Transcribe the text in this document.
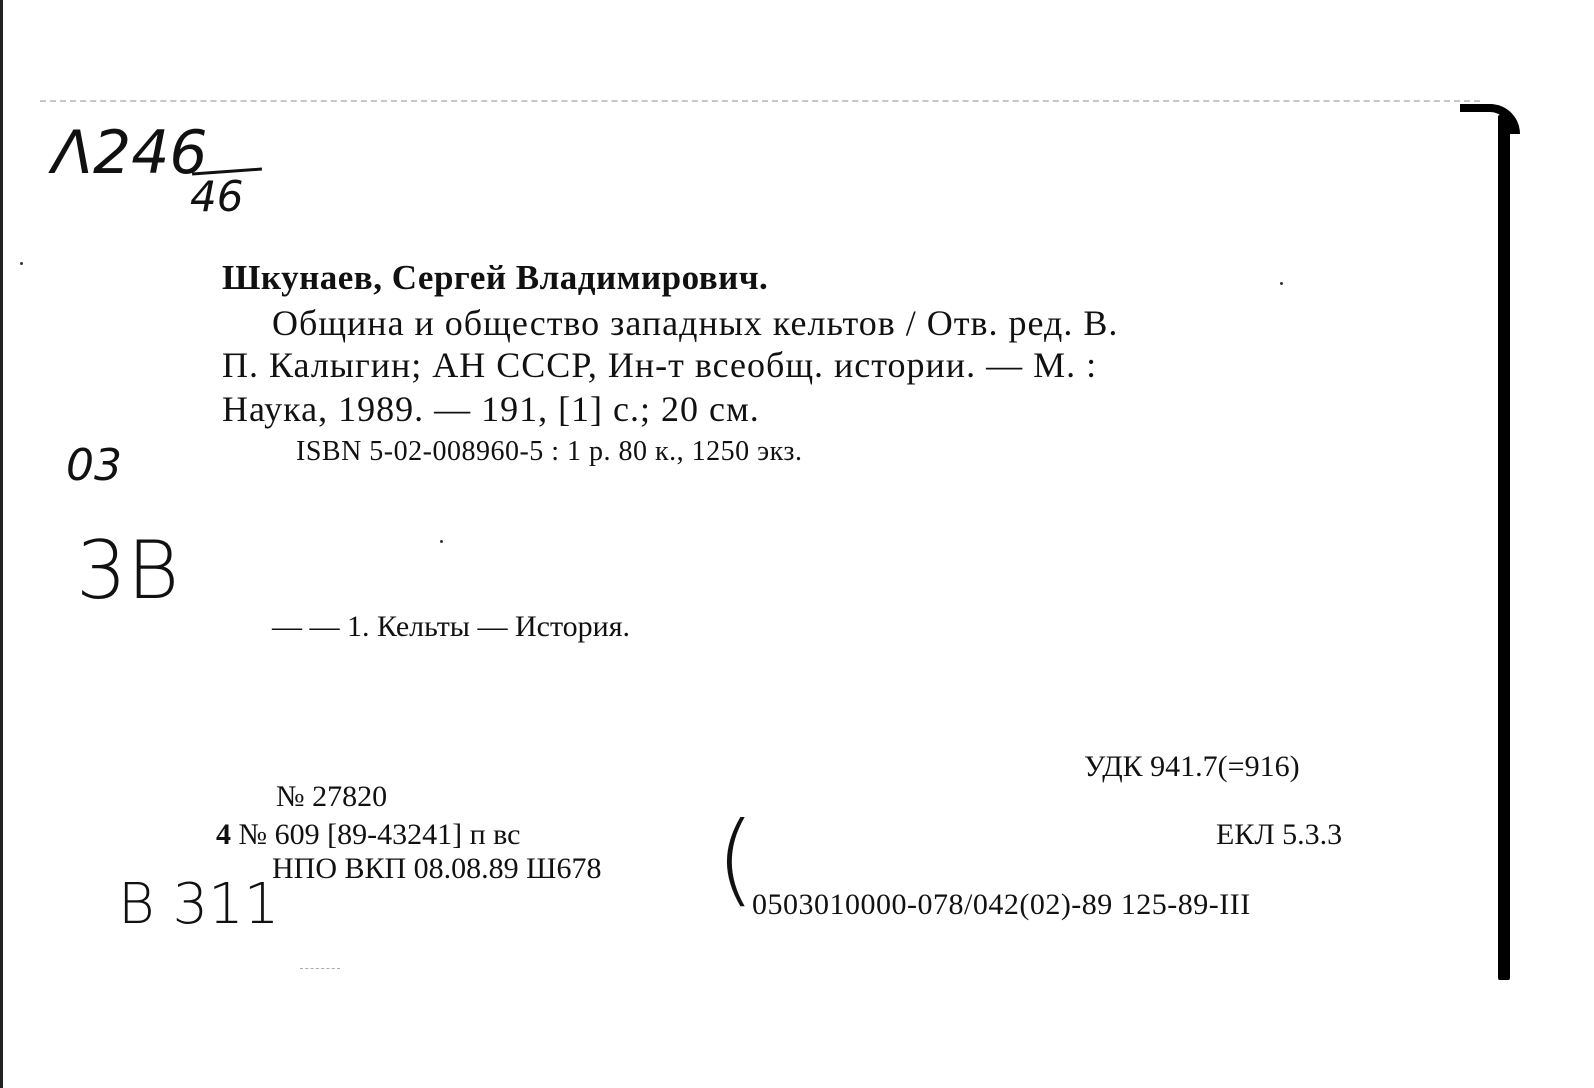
Λ246
46
03
3B
B 311
Шкунаев, Сергей Владимирович.
Община и общество западных кельтов / Отв. ред. В.
П. Калыгин; АН СССР, Ин-т всеобщ. истории. — М. :
Наука, 1989. — 191, [1] с.; 20 см.
ISBN 5-02-008960-5 : 1 р. 80 к., 1250 экз.
— — 1. Кельты — История.
УДК 941.7(=916)
ЕКЛ 5.3.3
(
0503010000-078/042(02)-89 125-89-III
№ 27820
4 № 609 [89-43241] п вс
НПО ВКП 08.08.89 Ш678
